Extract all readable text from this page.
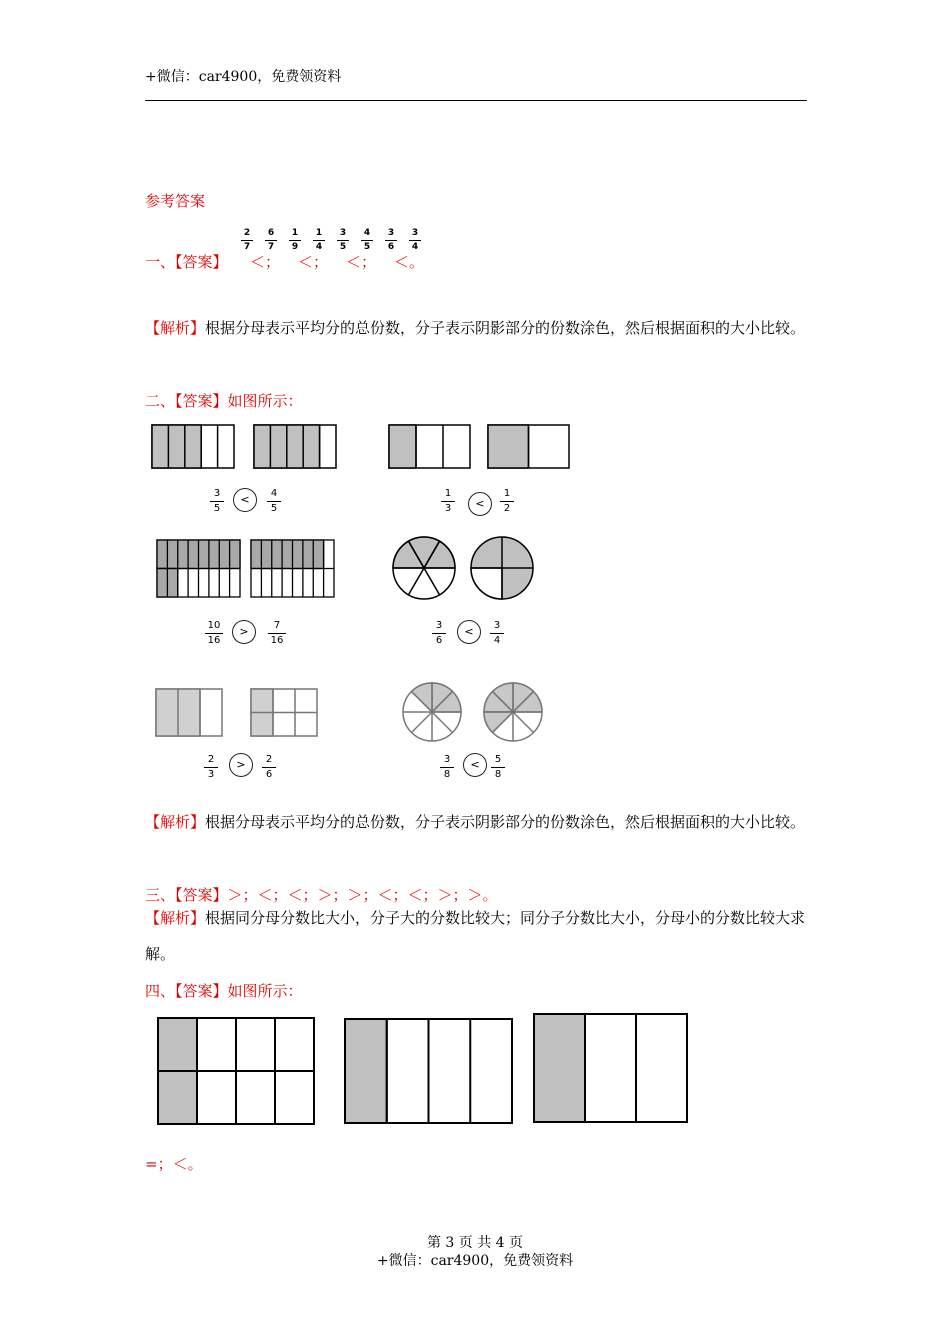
+微信：car4900，免费领资料
参考答案
一、【答案】
2
7
6
7
1
9
1
4
3
5
4
5
3
6
3
4
＜； ＜； ＜； ＜。
【解析】根据分母表示平均分的总份数，分子表示阴影部分的份数涂色，然后根据面积的大小比较。
二、【答案】如图所示：
3
5
<	4
5
1
3	<
1
2
10
16
>	7
16
3
6
<	3
4
2
3
>	2
6
3
8
<	5
8
【解析】根据分母表示平均分的总份数，分子表示阴影部分的份数涂色，然后根据面积的大小比较。
三、【答案】＞；＜；＜；＞；＞；＜；＜；＞；＞。
【解析】根据同分母分数比大小，分子大的分数比较大；同分子分数比大小，分母小的分数比较大求解。
四、【答案】如图所示：
=；＜。
第 3 页 共 4 页
+微信：car4900，免费领资料
